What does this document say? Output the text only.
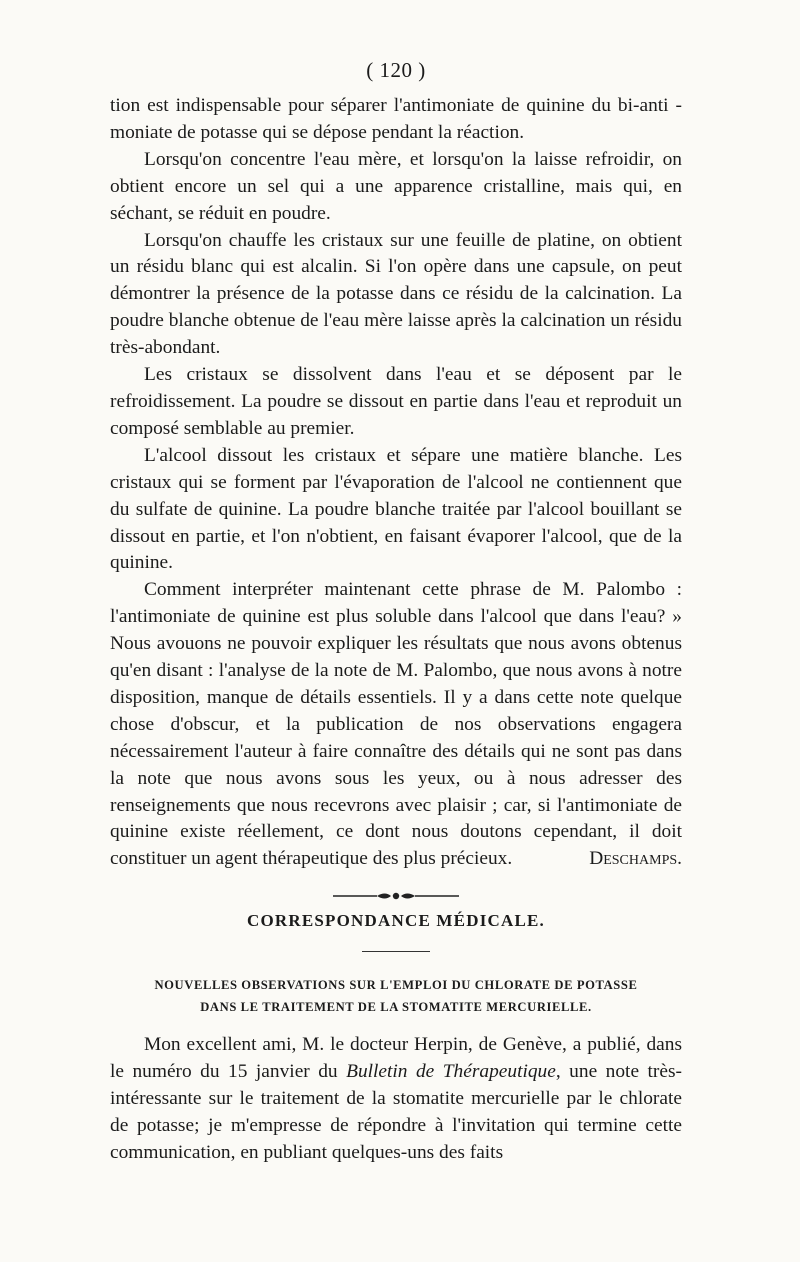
( 120 )

tion est indispensable pour séparer l'antimoniate de quinine du bi-anti - moniate de potasse qui se dépose pendant la réaction.

Lorsqu'on concentre l'eau mère, et lorsqu'on la laisse refroidir, on obtient encore un sel qui a une apparence cristalline, mais qui, en séchant, se réduit en poudre.

Lorsqu'on chauffe les cristaux sur une feuille de platine, on obtient un résidu blanc qui est alcalin. Si l'on opère dans une capsule, on peut démontrer la présence de la potasse dans ce résidu de la calcination. La poudre blanche obtenue de l'eau mère laisse après la calcination un résidu très-abondant.

Les cristaux se dissolvent dans l'eau et se déposent par le refroidissement. La poudre se dissout en partie dans l'eau et reproduit un composé semblable au premier.

L'alcool dissout les cristaux et sépare une matière blanche. Les cristaux qui se forment par l'évaporation de l'alcool ne contiennent que du sulfate de quinine. La poudre blanche traitée par l'alcool bouillant se dissout en partie, et l'on n'obtient, en faisant évaporer l'alcool, que de la quinine.

Comment interpréter maintenant cette phrase de M. Palombo : l'antimoniate de quinine est plus soluble dans l'alcool que dans l'eau? » Nous avouons ne pouvoir expliquer les résultats que nous avons obtenus qu'en disant : l'analyse de la note de M. Palombo, que nous avons à notre disposition, manque de détails essentiels. Il y a dans cette note quelque chose d'obscur, et la publication de nos observations engagera nécessairement l'auteur à faire connaître des détails qui ne sont pas dans la note que nous avons sous les yeux, ou à nous adresser des renseignements que nous recevrons avec plaisir ; car, si l'antimoniate de quinine existe réellement, ce dont nous doutons cependant, il doit constituer un agent thérapeutique des plus précieux.	Deschamps.

CORRESPONDANCE MÉDICALE.
NOUVELLES OBSERVATIONS SUR L'EMPLOI DU CHLORATE DE POTASSE
DANS LE TRAITEMENT DE LA STOMATITE MERCURIELLE.

Mon excellent ami, M. le docteur Herpin, de Genève, a publié, dans le numéro du 15 janvier du Bulletin de Thérapeutique, une note très-intéressante sur le traitement de la stomatite mercurielle par le chlorate de potasse; je m'empresse de répondre à l'invitation qui termine cette communication, en publiant quelques-uns des faits
